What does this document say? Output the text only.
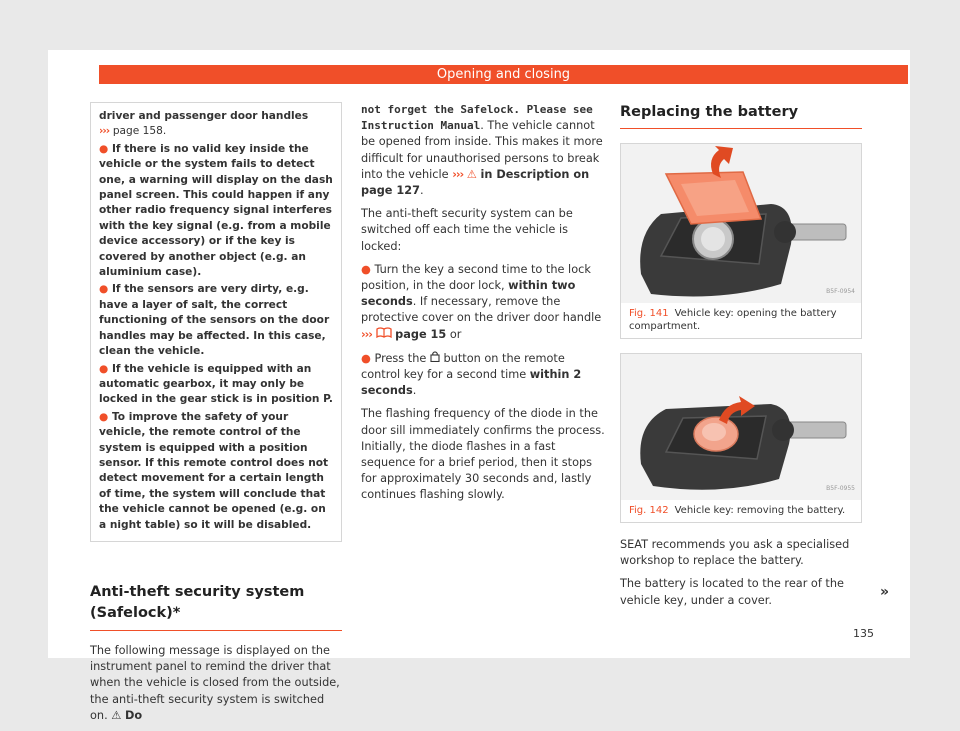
Opening and closing

driver and passenger door handles
››› page 158.

● If there is no valid key inside the vehicle or the system fails to detect one, a warning will display on the dash panel screen. This could happen if any other radio frequency signal interferes with the key signal (e.g. from a mobile device accessory) or if the key is covered by another object (e.g. an aluminium case).

● If the sensors are very dirty, e.g. have a layer of salt, the correct functioning of the sensors on the door handles may be affected. In this case, clean the vehicle.

● If the vehicle is equipped with an automatic gearbox, it may only be locked in the gear stick is in position P.

● To improve the safety of your vehicle, the remote control of the system is equipped with a position sensor. If this remote control does not detect movement for a certain length of time, the system will conclude that the vehicle cannot be opened (e.g. on a night table) so it will be disabled.

Anti-theft security system (Safelock)*

The following message is displayed on the instrument panel to remind the driver that when the vehicle is closed from the outside, the anti-theft security system is switched on. ⚠ Do

not forget the Safelock. Please see Instruction Manual. The vehicle cannot be opened from inside. This makes it more difficult for unauthorised persons to break into the vehicle ››› ⚠ in Description on page 127.

The anti-theft security system can be switched off each time the vehicle is locked:

● Turn the key a second time to the lock position, in the door lock, within two seconds. If necessary, remove the protective cover on the driver door handle ››› page 15 or

● Press the button on the remote control key for a second time within 2 seconds.

The flashing frequency of the diode in the door sill immediately confirms the process. Initially, the diode flashes in a fast sequence for a brief period, then it stops for approximately 30 seconds and, lastly continues flashing slowly.

Replacing the battery
B5F-0954
Fig. 141 Vehicle key: opening the battery compartment.
B5F-0955
Fig. 142 Vehicle key: removing the battery.

SEAT recommends you ask a specialised workshop to replace the battery.

The battery is located to the rear of the vehicle key, under a cover.

»
135
